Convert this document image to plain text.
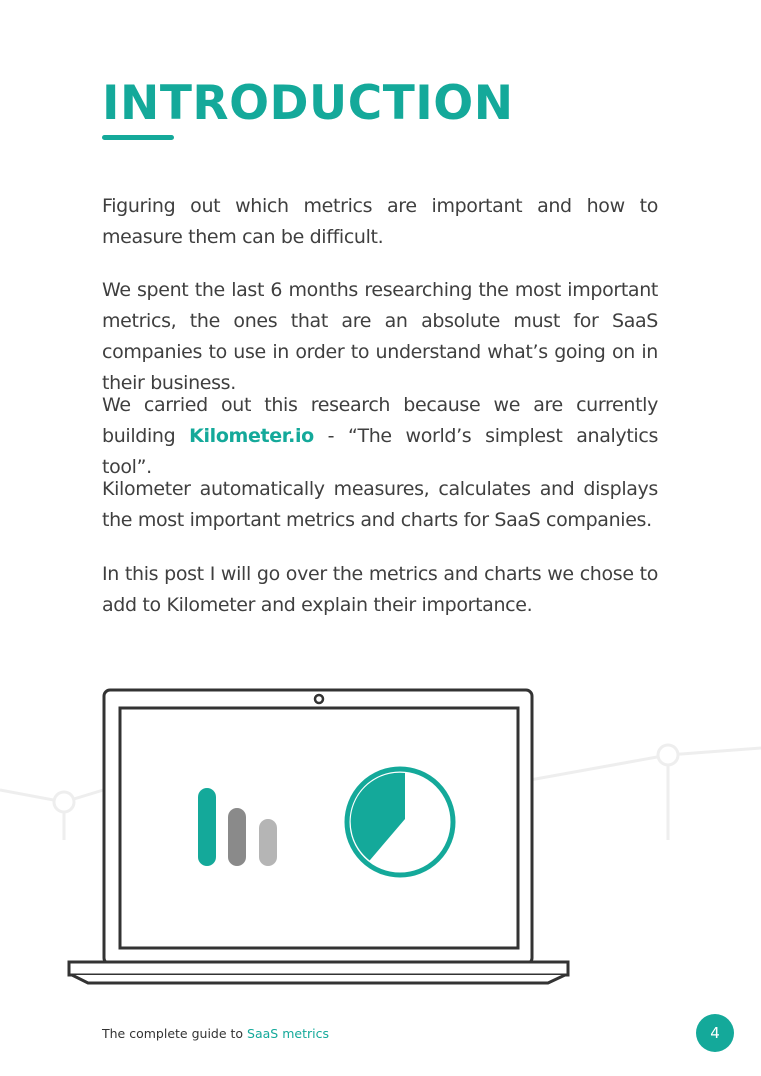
INTRODUCTION

Figuring out which metrics are important and how to measure them can be difficult.

We spent the last 6 months researching the most important metrics, the ones that are an absolute must for SaaS companies to use in order to understand what’s going on in their business.

We carried out this research because we are currently building Kilometer.io - “The world’s simplest analytics tool”.

Kilometer automatically measures, calculates and displays the most important metrics and charts for SaaS companies.

In this post I will go over the metrics and charts we chose to add to Kilometer and explain their importance.

The complete guide to SaaS metrics	4
